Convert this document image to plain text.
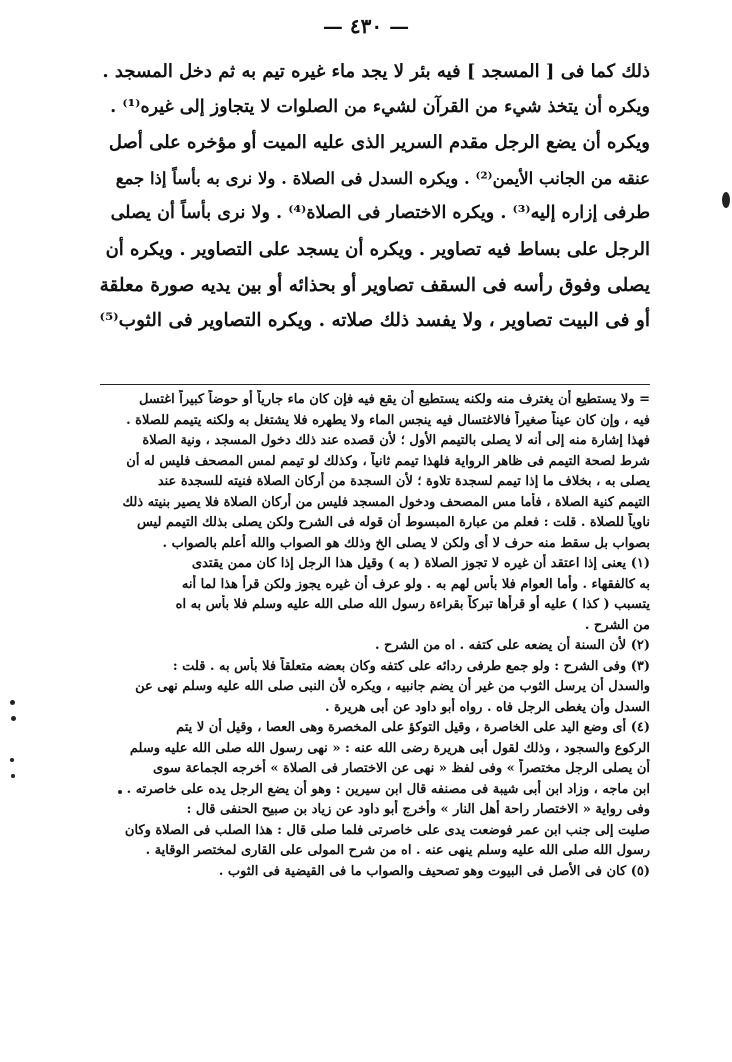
— ٤٣٠ —
ذلك كما فى [ المسجد ] فيه بئر لا يجد ماء غيره تيم به ثم دخل المسجد .
ويكره أن يتخذ شيء من القرآن لشيء من الصلوات لا يتجاوز إلى غيره⁽¹⁾ .
ويكره أن يضع الرجل مقدم السرير الذى عليه الميت أو مؤخره على أصل
عنقه من الجانب الأيمن⁽²⁾ . ويكره السدل فى الصلاة . ولا نرى به بأساً إذا جمع
طرفى إزاره إليه⁽³⁾ . ويكره الاختصار فى الصلاة⁽⁴⁾ . ولا نرى بأساً أن يصلى
الرجل على بساط فيه تصاوير . ويكره أن يسجد على التصاوير . ويكره أن
يصلى وفوق رأسه فى السقف تصاوير أو بحذائه أو بين يديه صورة معلقة
أو فى البيت تصاوير ، ولا يفسد ذلك صلاته . ويكره التصاوير فى الثوب⁽⁵⁾
= ولا يستطيع أن يغترف منه ولكنه يستطيع أن يقع فيه فإن كان ماء جارياً أو حوضاً كبيراً اغتسل
فيه ، وإن كان عيناً صغيراً فالاغتسال فيه ينجس الماء ولا يطهره فلا يشتغل به ولكنه يتيمم للصلاة .
فهذا إشارة منه إلى أنه لا يصلى بالتيمم الأول ؛ لأن قصده عند ذلك دخول المسجد ، ونية الصلاة
شرط لصحة التيمم فى ظاهر الرواية فلهذا تيمم ثانياً ، وكذلك لو تيمم لمس المصحف فليس له أن
يصلى به ، بخلاف ما إذا تيمم لسجدة تلاوة ؛ لأن السجدة من أركان الصلاة فنيته للسجدة عند
التيمم كنية الصلاة ، فأما مس المصحف ودخول المسجد فليس من أركان الصلاة فلا يصير بنيته ذلك
ناوياً للصلاة . قلت : فعلم من عبارة المبسوط أن قوله فى الشرح ولكن يصلى بذلك التيمم ليس
بصواب بل سقط منه حرف لا أى ولكن لا يصلى الخ وذلك هو الصواب والله أعلم بالصواب .
(١) يعنى إذا اعتقد أن غيره لا تجوز الصلاة ( به ) وقيل هذا الرجل إذا كان ممن يقتدى
به كالفقهاء . وأما العوام فلا بأس لهم به . ولو عرف أن غيره يجوز ولكن قرأ هذا لما أنه
يتسبب ( كذا ) عليه أو قرأها تبركاً بقراءة رسول الله صلى الله عليه وسلم فلا بأس به اه
من الشرح .
(٢) لأن السنة أن يضعه على كتفه . اه من الشرح .
(٣) وفى الشرح : ولو جمع طرفى ردائه على كتفه وكان بعضه متعلقاً فلا بأس به . قلت :
والسدل أن يرسل الثوب من غير أن يضم جانبيه ، ويكره لأن النبى صلى الله عليه وسلم نهى عن
السدل وأن يغطى الرجل فاه . رواه أبو داود عن أبى هريرة .
(٤) أى وضع اليد على الخاصرة ، وقيل التوكؤ على المخصرة وهى العصا ، وقيل أن لا يتم
الركوع والسجود ، وذلك لقول أبى هريرة رضى الله عنه : « نهى رسول الله صلى الله عليه وسلم
أن يصلى الرجل مختصراً » وفى لفظ « نهى عن الاختصار فى الصلاة » أخرجه الجماعة سوى
ابن ماجه ، وزاد ابن أبى شيبة فى مصنفه قال ابن سيرين : وهو أن يضع الرجل يده على خاصرته .
وفى رواية « الاختصار راحة أهل النار » وأخرج أبو داود عن زياد بن صبيح الحنفى قال :
صليت إلى جنب ابن عمر فوضعت يدى على خاصرتى فلما صلى قال : هذا الصلب فى الصلاة وكان
رسول الله صلى الله عليه وسلم ينهى عنه . اه من شرح المولى على القارى لمختصر الوقاية .
(٥) كان فى الأصل فى البيوت وهو تصحيف والصواب ما فى القيضية فى الثوب .
